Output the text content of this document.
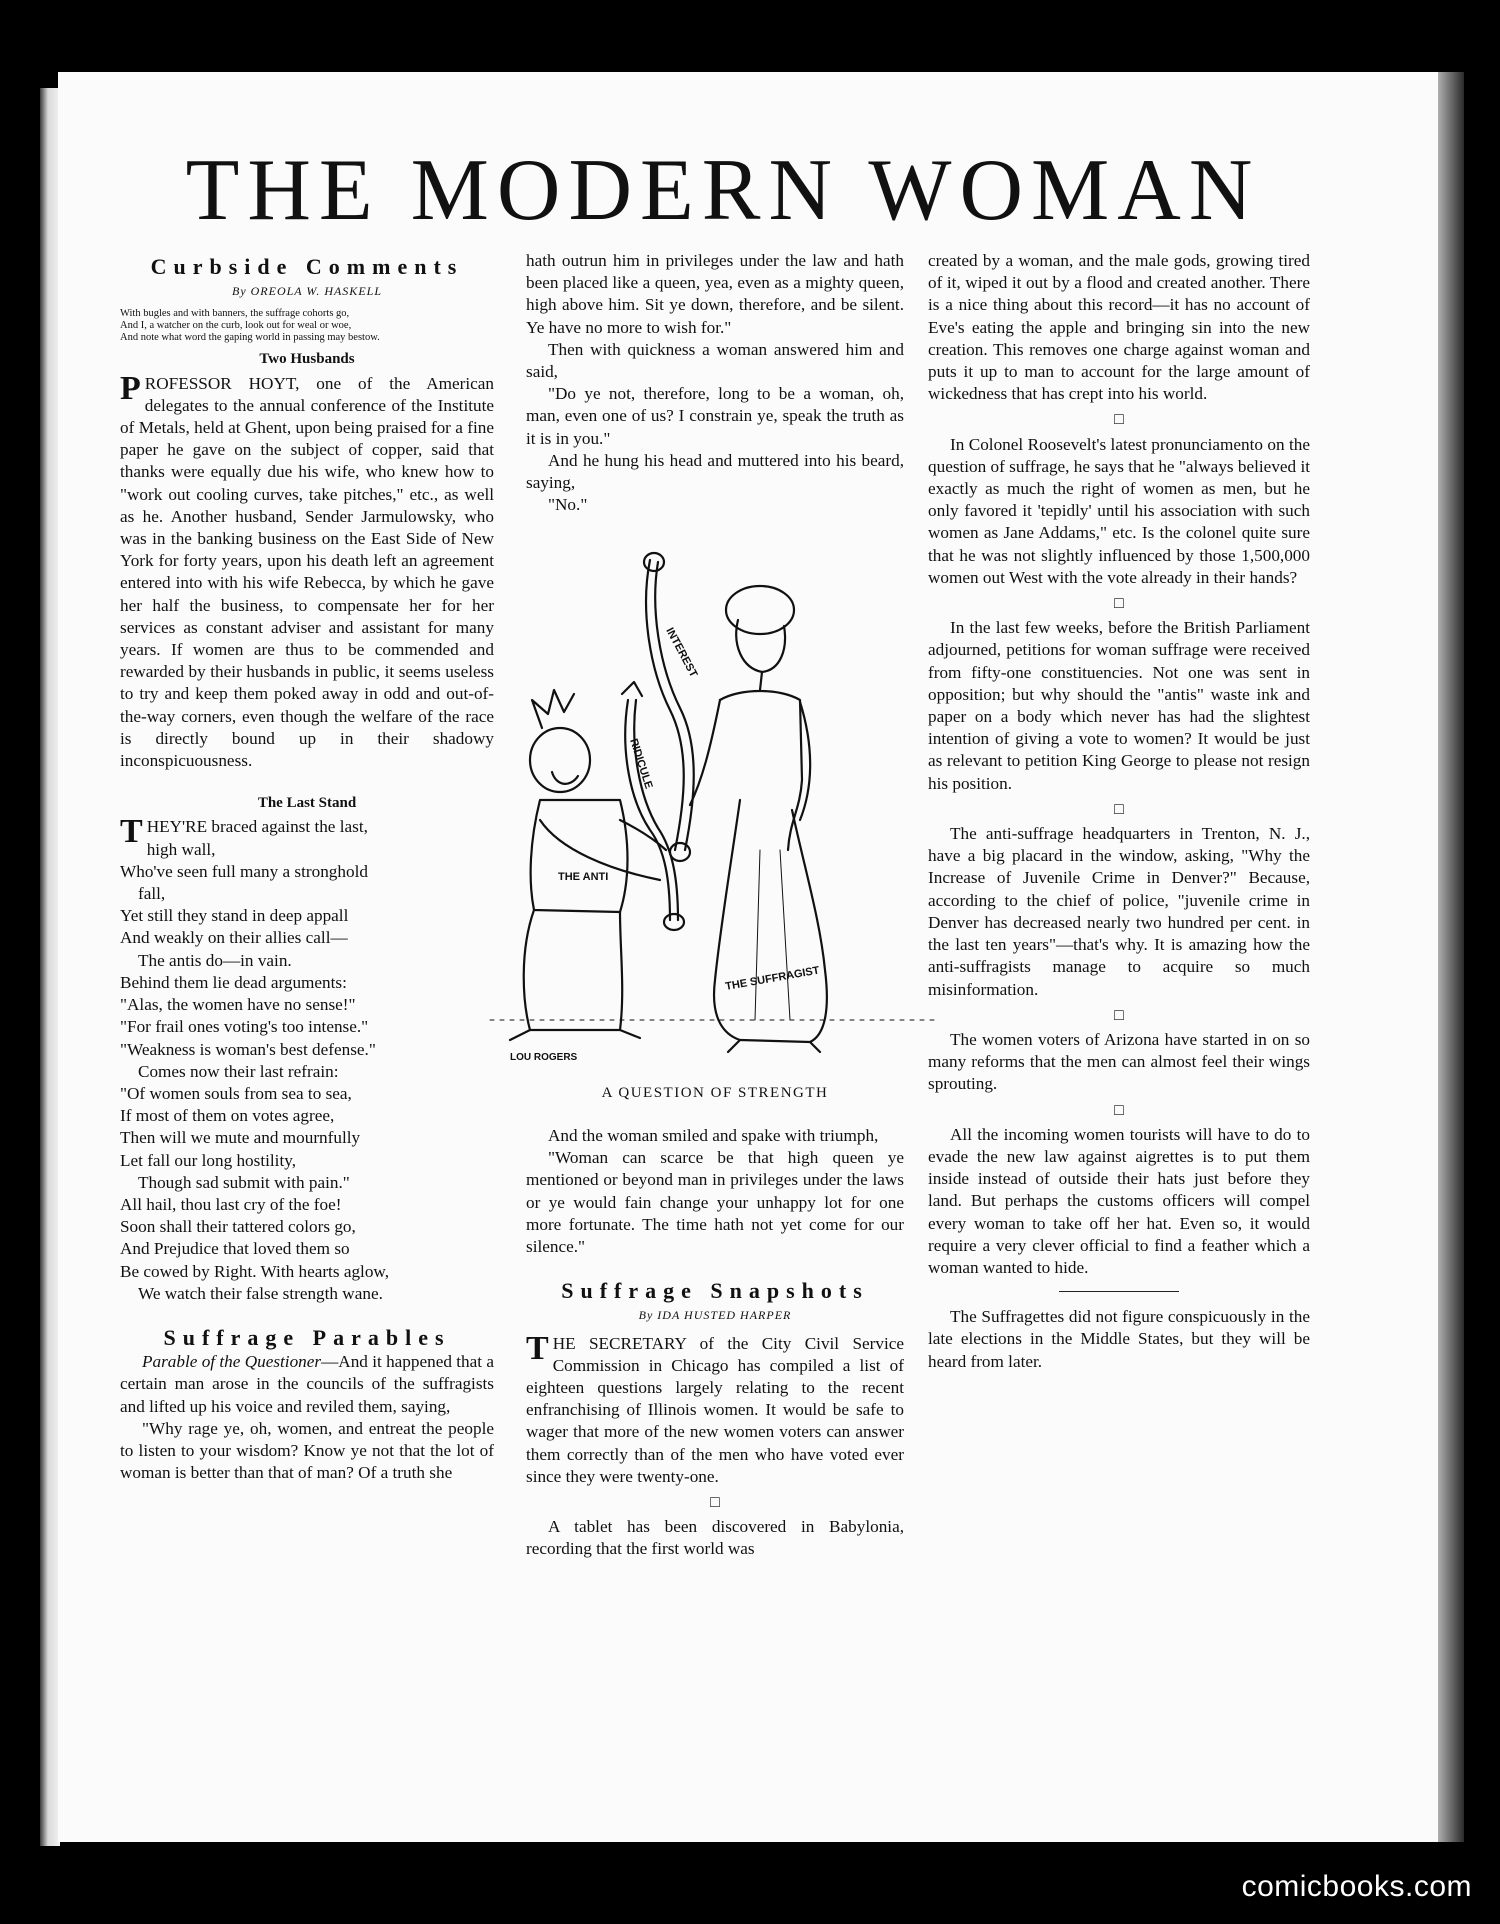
THE MODERN WOMAN
Curbside Comments
By OREOLA W. HASKELL
With bugles and with banners, the suffrage cohorts go,
And I, a watcher on the curb, look out for weal or woe,
And note what word the gaping world in passing may bestow.
Two Husbands

PROFESSOR HOYT, one of the American delegates to the annual conference of the Institute of Metals, held at Ghent, upon being praised for a fine paper he gave on the subject of copper, said that thanks were equally due his wife, who knew how to "work out cooling curves, take pitches," etc., as well as he. Another husband, Sender Jarmulowsky, who was in the banking business on the East Side of New York for forty years, upon his death left an agreement entered into with his wife Rebecca, by which he gave her half the business, to compensate her for her services as constant adviser and assistant for many years. If women are thus to be commended and rewarded by their husbands in public, it seems useless to try and keep them poked away in odd and out-of-the-way corners, even though the welfare of the race is directly bound up in their shadowy inconspicuousness.

The Last Stand
T HEY'RE braced against the last,
high wall,
Who've seen full many a stronghold
fall,
Yet still they stand in deep appall
And weakly on their allies call—
The antis do—in vain.
Behind them lie dead arguments:
"Alas, the women have no sense!"
"For frail ones voting's too intense."
"Weakness is woman's best defense."
Comes now their last refrain:
"Of women souls from sea to sea,
If most of them on votes agree,
Then will we mute and mournfully
Let fall our long hostility,
Though sad submit with pain."
All hail, thou last cry of the foe!
Soon shall their tattered colors go,
And Prejudice that loved them so
Be cowed by Right. With hearts aglow,
We watch their false strength wane.
Suffrage Parables

Parable of the Questioner—And it happened that a certain man arose in the councils of the suffragists and lifted up his voice and reviled them, saying,

"Why rage ye, oh, women, and entreat the people to listen to your wisdom? Know ye not that the lot of woman is better than that of man? Of a truth she

hath outrun him in privileges under the law and hath been placed like a queen, yea, even as a mighty queen, high above him. Sit ye down, therefore, and be silent. Ye have no more to wish for."

Then with quickness a woman answered him and said,

"Do ye not, therefore, long to be a woman, oh, man, even one of us? I constrain ye, speak the truth as it is in you."

And he hung his head and muttered into his beard, saying,

"No."

INTEREST
RIDICULE
THE ANTI
THE SUFFRAGIST
LOU ROGERS
A QUESTION OF STRENGTH

And the woman smiled and spake with triumph,

"Woman can scarce be that high queen ye mentioned or beyond man in privileges under the laws or ye would fain change your unhappy lot for one more fortunate. The time hath not yet come for our silence."

Suffrage Snapshots
By IDA HUSTED HARPER

THE SECRETARY of the City Civil Service Commission in Chicago has compiled a list of eighteen questions largely relating to the recent enfranchising of Illinois women. It would be safe to wager that more of the new women voters can answer them correctly than of the men who have voted ever since they were twenty-one.

□

A tablet has been discovered in Babylonia, recording that the first world was

created by a woman, and the male gods, growing tired of it, wiped it out by a flood and created another. There is a nice thing about this record—it has no account of Eve's eating the apple and bringing sin into the new creation. This removes one charge against woman and puts it up to man to account for the large amount of wickedness that has crept into his world.

□

In Colonel Roosevelt's latest pronunciamento on the question of suffrage, he says that he "always believed it exactly as much the right of women as men, but he only favored it 'tepidly' until his association with such women as Jane Addams," etc. Is the colonel quite sure that he was not slightly influenced by those 1,500,000 women out West with the vote already in their hands?

□

In the last few weeks, before the British Parliament adjourned, petitions for woman suffrage were received from fifty-one constituencies. Not one was sent in opposition; but why should the "antis" waste ink and paper on a body which never has had the slightest intention of giving a vote to women? It would be just as relevant to petition King George to please not resign his position.

□

The anti-suffrage headquarters in Trenton, N. J., have a big placard in the window, asking, "Why the Increase of Juvenile Crime in Denver?" Because, according to the chief of police, "juvenile crime in Denver has decreased nearly two hundred per cent. in the last ten years"—that's why. It is amazing how the anti-suffragists manage to acquire so much misinformation.

□

The women voters of Arizona have started in on so many reforms that the men can almost feel their wings sprouting.

□

All the incoming women tourists will have to do to evade the new law against aigrettes is to put them inside instead of outside their hats just before they land. But perhaps the customs officers will compel every woman to take off her hat. Even so, it would require a very clever official to find a feather which a woman wanted to hide.

The Suffragettes did not figure conspicuously in the late elections in the Middle States, but they will be heard from later.

comicbooks.com
